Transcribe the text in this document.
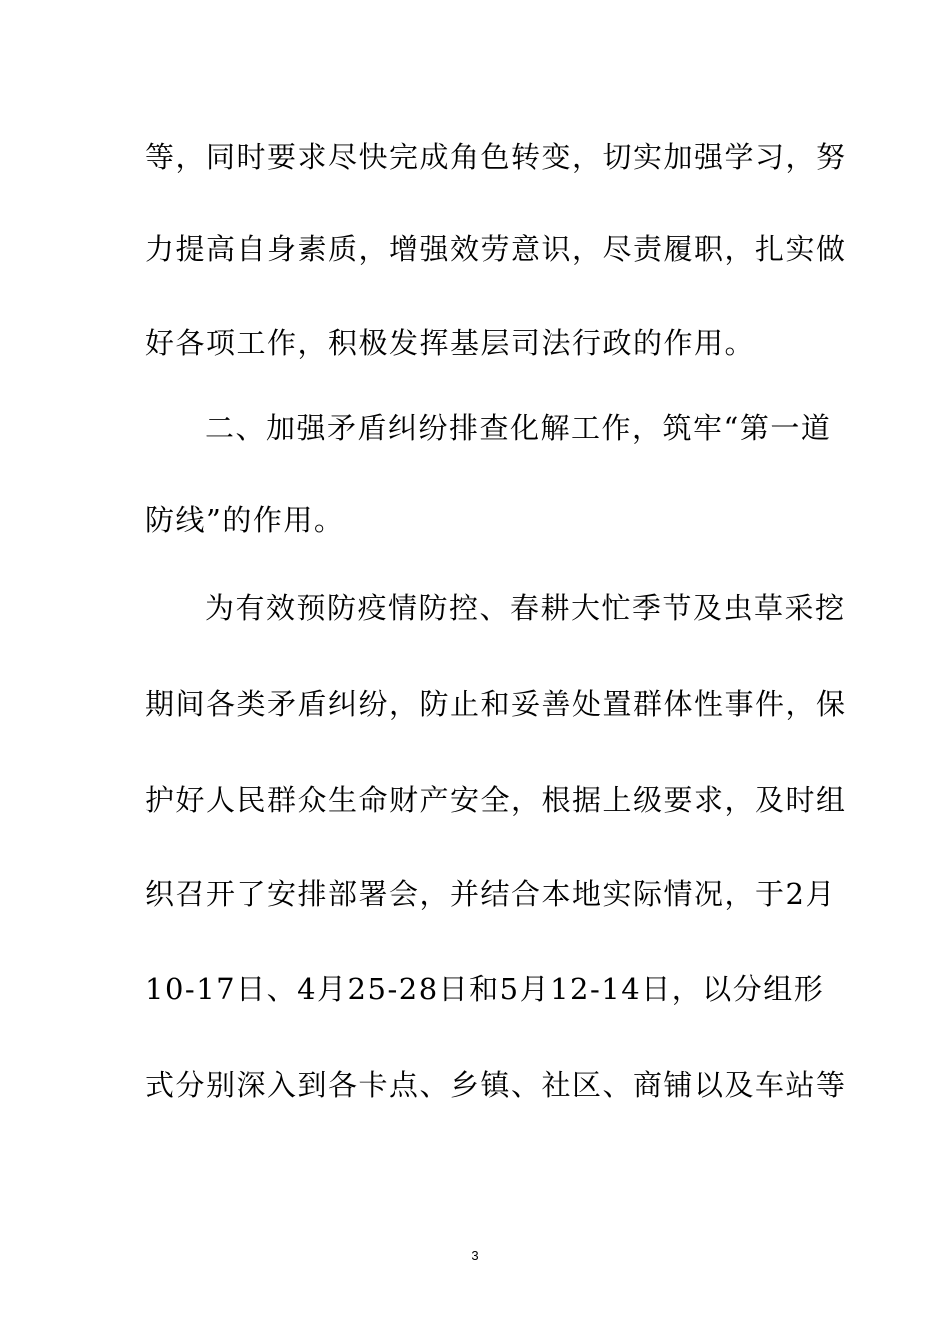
等，同时要求尽快完成角色转变，切实加强学习，努
力提高自身素质，增强效劳意识，尽责履职，扎实做
好各项工作，积极发挥基层司法行政的作用。
二、加强矛盾纠纷排查化解工作，筑牢“第一道
防线”的作用。
为有效预防疫情防控、春耕大忙季节及虫草采挖
期间各类矛盾纠纷，防止和妥善处置群体性事件，保
护好人民群众生命财产安全，根据上级要求，及时组
织召开了安排部署会，并结合本地实际情况，于2月
10-17日、4月25-28日和5月12-14日，以分组形
式分别深入到各卡点、乡镇、社区、商铺以及车站等
3
